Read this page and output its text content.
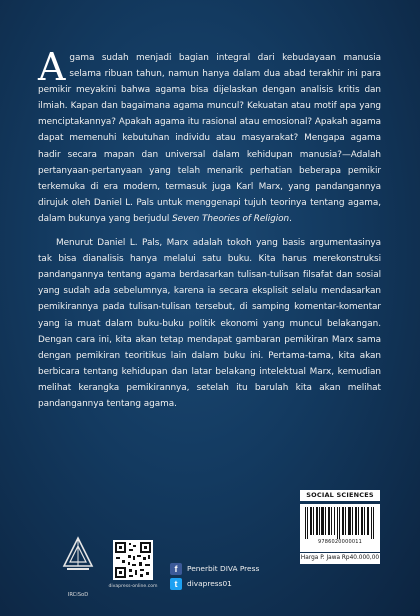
Agama sudah menjadi bagian integral dari kebudayaan manusia selama ribuan tahun, namun hanya dalam dua abad terakhir ini para pemikir meyakini bahwa agama bisa dijelaskan dengan analisis kritis dan ilmiah. Kapan dan bagaimana agama muncul? Kekuatan atau motif apa yang menciptakannya? Apakah agama itu rasional atau emosional? Apakah agama dapat memenuhi kebutuhan individu atau masyarakat? Mengapa agama hadir secara mapan dan universal dalam kehidupan manusia?—Adalah pertanyaan-pertanyaan yang telah menarik perhatian beberapa pemikir terkemuka di era modern, termasuk juga Karl Marx, yang pandangannya dirujuk oleh Daniel L. Pals untuk menggenapi tujuh teorinya tentang agama, dalam bukunya yang berjudul Seven Theories of Religion.

Menurut Daniel L. Pals, Marx adalah tokoh yang basis argumentasinya tak bisa dianalisis hanya melalui satu buku. Kita harus merekonstruksi pandangannya tentang agama berdasarkan tulisan-tulisan filsafat dan sosial yang sudah ada sebelumnya, karena ia secara eksplisit selalu mendasarkan pemikirannya pada tulisan-tulisan tersebut, di samping komentar-komentar yang ia muat dalam buku-buku politik ekonomi yang muncul belakangan. Dengan cara ini, kita akan tetap mendapat gambaran pemikiran Marx sama dengan pemikiran teoritikus lain dalam buku ini. Pertama-tama, kita akan berbicara tentang kehidupan dan latar belakang intelektual Marx, kemudian melihat kerangka pemikirannya, setelah itu barulah kita akan melihat pandangannya tentang agama.

IRCiSoD
divapress-online.com
f	Penerbit DIVA Press
t	divapress01
SOCIAL SCIENCES
9786020000011
Harga P. Jawa Rp40.000,00
